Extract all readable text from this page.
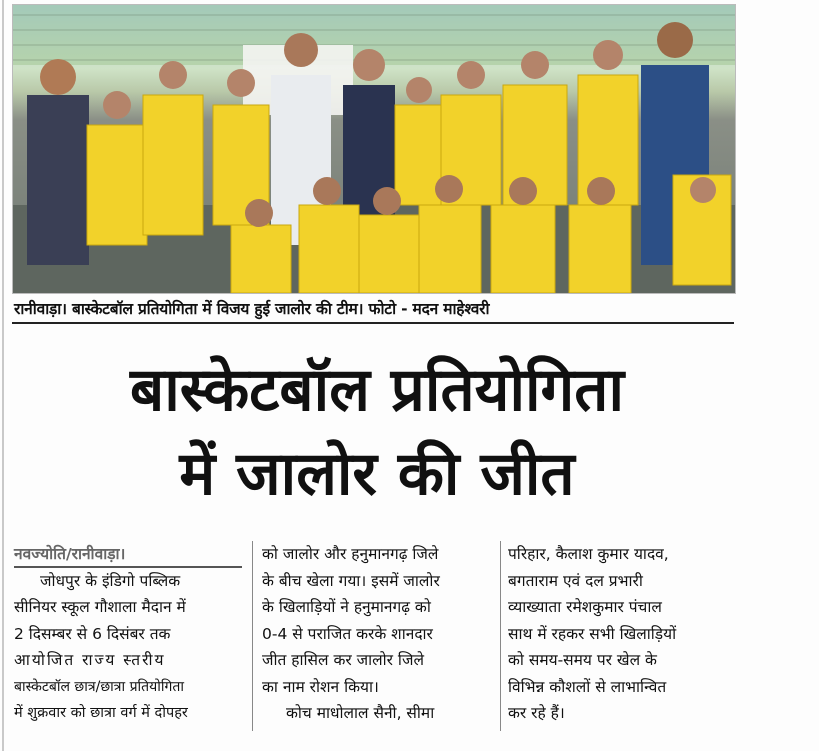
रानीवाड़ा। बास्केटबॉल प्रतियोगिता में विजय हुई जालोर की टीम। फोटो - मदन माहेश्वरी
बास्केटबॉल प्रतियोगिता
में जालोर की जीत
नवज्योति/रानीवाड़ा।
जोधपुर के इंडिगो पब्लिक
सीनियर स्कूल गौशाला मैदान में
2 दिसम्बर से 6 दिसंबर तक
आयोजित राज्य स्तरीय
बास्केटबॉल छात्र/छात्रा प्रतियोगिता
में शुक्रवार को छात्रा वर्ग में दोपहर
को जालोर और हनुमानगढ़ जिले
के बीच खेला गया। इसमें जालोर
के खिलाड़ियों ने हनुमानगढ़ को
0-4 से पराजित करके शानदार
जीत हासिल कर जालोर जिले
का नाम रोशन किया।
कोच माधोलाल सैनी, सीमा
परिहार, कैलाश कुमार यादव,
बगताराम एवं दल प्रभारी
व्याख्याता रमेशकुमार पंचाल
साथ में रहकर सभी खिलाड़ियों
को समय-समय पर खेल के
विभिन्न कौशलों से लाभान्वित
कर रहे हैं।
